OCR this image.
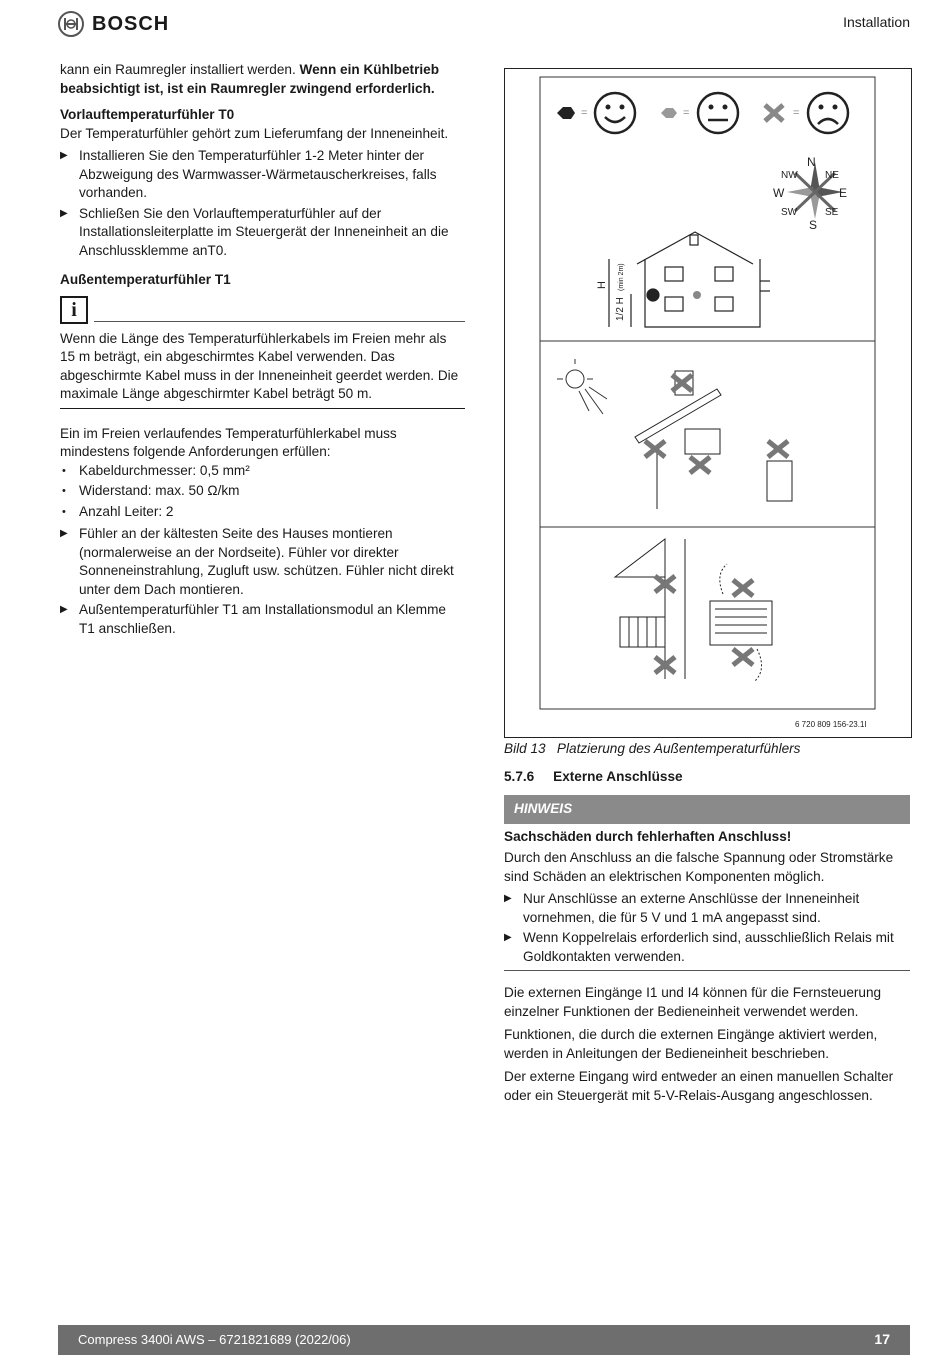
BOSCH	Installation

kann ein Raumregler installiert werden. Wenn ein Kühlbetrieb beabsichtigt ist, ist ein Raumregler zwingend erforderlich.

Vorlauftemperaturfühler T0

Der Temperaturfühler gehört zum Lieferumfang der Inneneinheit.

▶ Installieren Sie den Temperaturfühler 1-2 Meter hinter der Abzweigung des Warmwasser-Wärmetauscherkreises, falls vorhanden.

▶ Schließen Sie den Vorlauftemperaturfühler auf der Installationsleiterplatte im Steuergerät der Inneneinheit an die Anschlussklemme anT0.

Außentemperaturfühler T1
i

Wenn die Länge des Temperaturfühlerkabels im Freien mehr als 15 m beträgt, ein abgeschirmtes Kabel verwenden. Das abgeschirmte Kabel muss in der Inneneinheit geerdet werden. Die maximale Länge abgeschirmter Kabel beträgt 50 m.

Ein im Freien verlaufendes Temperaturfühlerkabel muss mindestens folgende Anforderungen erfüllen:

• Kabeldurchmesser: 0,5 mm²

• Widerstand: max. 50 Ω/km

• Anzahl Leiter: 2

▶ Fühler an der kältesten Seite des Hauses montieren (normalerweise an der Nordseite). Fühler vor direkter Sonneneinstrahlung, Zugluft usw. schützen. Fühler nicht direkt unter dem Dach montieren.

▶ Außentemperaturfühler T1 am Installationsmodul an Klemme T1 anschließen.

=	=	=
N
NE
E
SE
S
SW
W
NW
H
1/2 H
(min 2m)
6 720 809 156-23.1I

Bild 13 Platzierung des Außentemperaturfühlers

5.7.6 Externe Anschlüsse
HINWEIS
Sachschäden durch fehlerhaften Anschluss!

Durch den Anschluss an die falsche Spannung oder Stromstärke sind Schäden an elektrischen Komponenten möglich.

▶ Nur Anschlüsse an externe Anschlüsse der Inneneinheit vornehmen, die für 5 V und 1 mA angepasst sind.

▶ Wenn Koppelrelais erforderlich sind, ausschließlich Relais mit Goldkontakten verwenden.

Die externen Eingänge I1 und I4 können für die Fernsteuerung einzelner Funktionen der Bedieneinheit verwendet werden.

Funktionen, die durch die externen Eingänge aktiviert werden, werden in Anleitungen der Bedieneinheit beschrieben.

Der externe Eingang wird entweder an einen manuellen Schalter oder ein Steuergerät mit 5-V-Relais-Ausgang angeschlossen.

Compress 3400i AWS – 6721821689 (2022/06)	17
